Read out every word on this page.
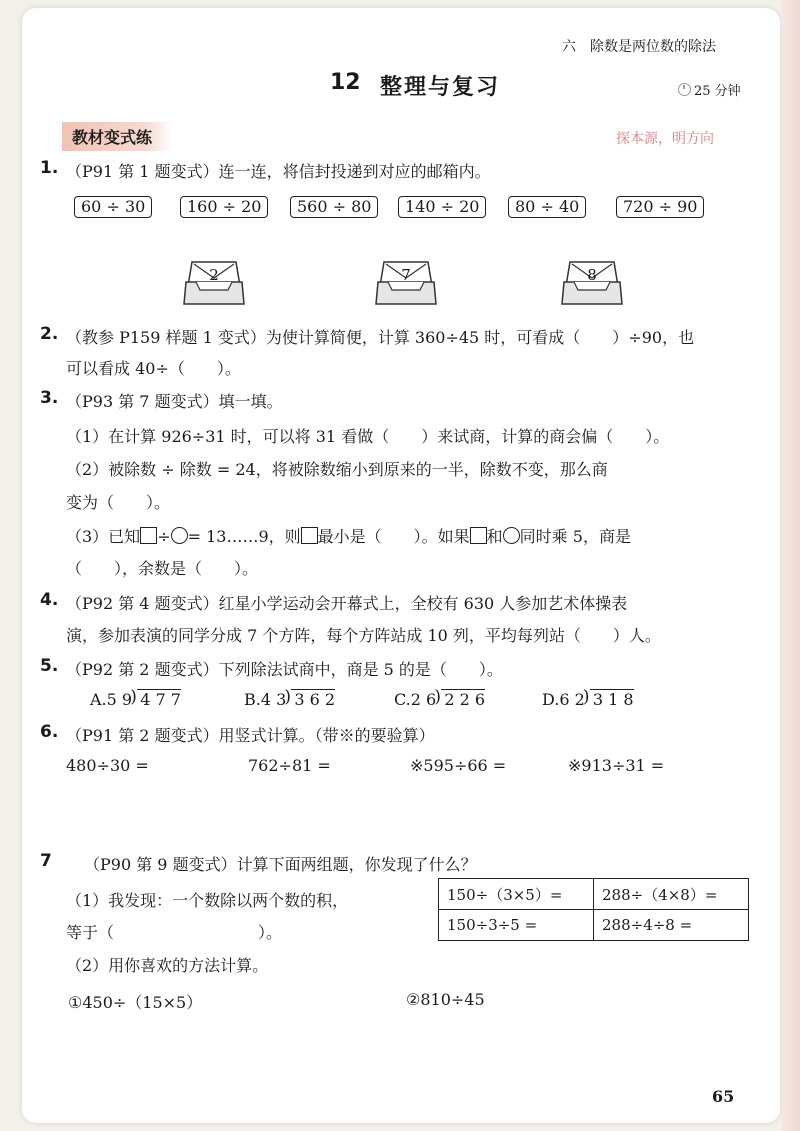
六　除数是两位数的除法
12 整理与复习	25 分钟
教材变式练	探本源，明方向
1. （P91 第 1 题变式）连一连，将信封投递到对应的邮箱内。
60 ÷ 30	160 ÷ 20	560 ÷ 80	140 ÷ 20	80 ÷ 40	720 ÷ 90
2	7	8
2. （教参 P159 样题 1 变式）为使计算简便，计算 360÷45 时，可看成（　　）÷90，也
可以看成 40÷（　　）。
3. （P93 第 7 题变式）填一填。
（1）在计算 926÷31 时，可以将 31 看做（　　）来试商，计算的商会偏（　　）。
（2）被除数 ÷ 除数 = 24，将被除数缩小到原来的一半，除数不变，那么商
变为（　　）。
（3）已知 ÷ = 13……9，则 最小是（　　）。如果 和 同时乘 5，商是
（　　），余数是（　　）。
4. （P92 第 4 题变式）红星小学运动会开幕式上，全校有 630 人参加艺术体操表
演，参加表演的同学分成 7 个方阵，每个方阵站成 10 列，平均每列站（　　）人。
5. （P92 第 2 题变式）下列除法试商中，商是 5 的是（　　）。
A.5 9 ) 4 7 7	B.4 3 ) 3 6 2	C.2 6 ) 2 2 6	D.6 2 ) 3 1 8
6. （P91 第 2 题变式）用竖式计算。（带※的要验算）
480÷30 =	762÷81 =	※595÷66 =	※913÷31 =
7 （P90 第 9 题变式）计算下面两组题，你发现了什么？
（1）我发现：一个数除以两个数的积，
等于（　　　　　　　　　）。
（2）用你喜欢的方法计算。
①450÷（15×5）	②810÷45
150÷（3×5）=	288÷（4×8）=
150÷3÷5 =	288÷4÷8 =
65
